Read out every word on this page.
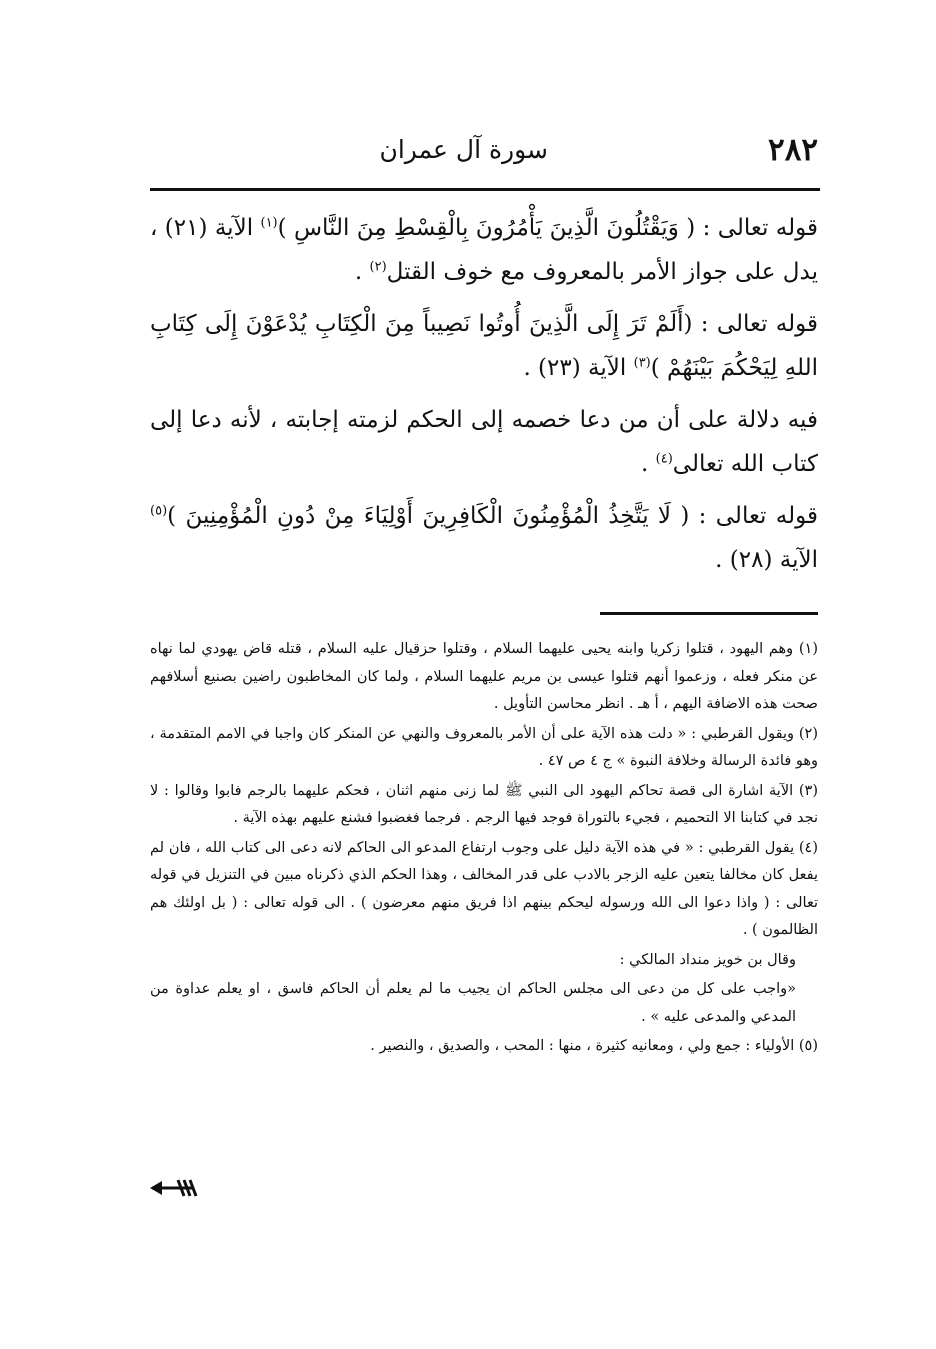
٢٨٢
سورة آل عمران

قوله تعالى : ( وَيَقْتُلُونَ الَّذِينَ يَأْمُرُونَ بِالْقِسْطِ مِنَ النَّاسِ )$^{(١)}$ الآية (٢١) ، يدل على جواز الأمر بالمعروف مع خوف القتل$^{(٢)}$ .

قوله تعالى : (أَلَمْ تَرَ إِلَى الَّذِينَ أُوتُوا نَصِيباً مِنَ الْكِتَابِ يُدْعَوْنَ إِلَى كِتَابِ اللهِ لِيَحْكُمَ بَيْنَهُمْ )$^{(٣)}$ الآية (٢٣) .

فيه دلالة على أن من دعا خصمه إلى الحكم لزمته إجابته ، لأنه دعا إلى كتاب الله تعالى$^{(٤)}$ .

قوله تعالى : ( لَا يَتَّخِذُ الْمُؤْمِنُونَ الْكَافِرِينَ أَوْلِيَاءَ مِنْ دُونِ الْمُؤْمِنِينَ )$^{(٥)}$ الآية (٢٨) .

(١) وهم اليهود ، قتلوا زكريا وابنه يحيى عليهما السلام ، وقتلوا حزقيال عليه السلام ، قتله قاض يهودي لما نهاه عن منكر فعله ، وزعموا أنهم قتلوا عيسى بن مريم عليهما السلام ، ولما كان المخاطبون راضين بصنيع أسلافهم صحت هذه الاضافة اليهم ، أ هـ . انظر محاسن التأويل .

(٢) ويقول القرطبي : « دلت هذه الآية على أن الأمر بالمعروف والنهي عن المنكر كان واجبا في الامم المتقدمة ، وهو فائدة الرسالة وخلافة النبوة » ج ٤ ص ٤٧ .

(٣) الآية اشارة الى قصة تحاكم اليهود الى النبي ﷺ لما زنى منهم اثنان ، فحكم عليهما بالرجم فابوا وقالوا : لا نجد في كتابنا الا التحميم ، فجيء بالتوراة فوجد فيها الرجم . فرجما فغضبوا فشنع عليهم بهذه الآية .

(٤) يقول القرطبي : « في هذه الآية دليل على وجوب ارتفاع المدعو الى الحاكم لانه دعى الى كتاب الله ، فان لم يفعل كان مخالفا يتعين عليه الزجر بالادب على قدر المخالف ، وهذا الحكم الذي ذكرناه مبين في التنزيل في قوله تعالى : ( واذا دعوا الى الله ورسوله ليحكم بينهم اذا فريق منهم معرضون ) . الى قوله تعالى : ( بل اولئك هم الظالمون ) .

وقال بن خويز منداد المالكي :

«واجب على كل من دعى الى مجلس الحاكم ان يجيب ما لم يعلم أن الحاكم فاسق ، او يعلم عداوة من المدعي والمدعى عليه » .

(٥) الأولياء : جمع ولي ، ومعانيه كثيرة ، منها : المحب ، والصديق ، والنصير .
